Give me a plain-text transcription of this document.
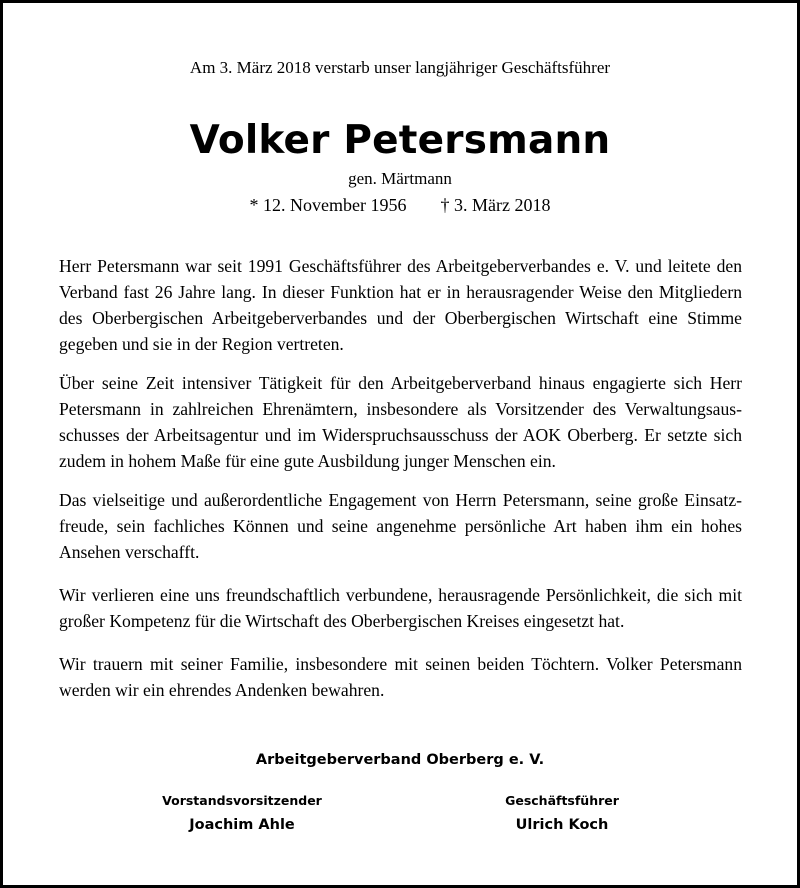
Am 3. März 2018 verstarb unser langjähriger Geschäftsführer
Volker Petersmann
gen. Märtmann
* 12. November 1956 † 3. März 2018
Herr Petersmann war seit 1991 Geschäftsführer des Arbeitgeberverbandes e. V. und leitete den Verband fast 26 Jahre lang. In dieser Funktion hat er in herausragender Weise den Mitgliedern des Oberbergischen Arbeitgeberverbandes und der Oberbergischen Wirtschaft eine Stimme gegeben und sie in der Region vertreten.
Über seine Zeit intensiver Tätigkeit für den Arbeitgeberverband hinaus engagierte sich Herr Petersmann in zahlreichen Ehrenämtern, insbesondere als Vorsitzender des Verwaltungsausschusses der Arbeitsagentur und im Widerspruchsausschuss der AOK Oberberg. Er setzte sich zudem in hohem Maße für eine gute Ausbildung junger Menschen ein.
Das vielseitige und außerordentliche Engagement von Herrn Petersmann, seine große Einsatzfreude, sein fachliches Können und seine angenehme persönliche Art haben ihm ein hohes Ansehen verschafft.
Wir verlieren eine uns freundschaftlich verbundene, herausragende Persönlichkeit, die sich mit großer Kompetenz für die Wirtschaft des Oberbergischen Kreises eingesetzt hat.
Wir trauern mit seiner Familie, insbesondere mit seinen beiden Töchtern. Volker Petersmann werden wir ein ehrendes Andenken bewahren.
Arbeitgeberverband Oberberg e. V.
Vorstandsvorsitzender
Joachim Ahle
Geschäftsführer
Ulrich Koch
